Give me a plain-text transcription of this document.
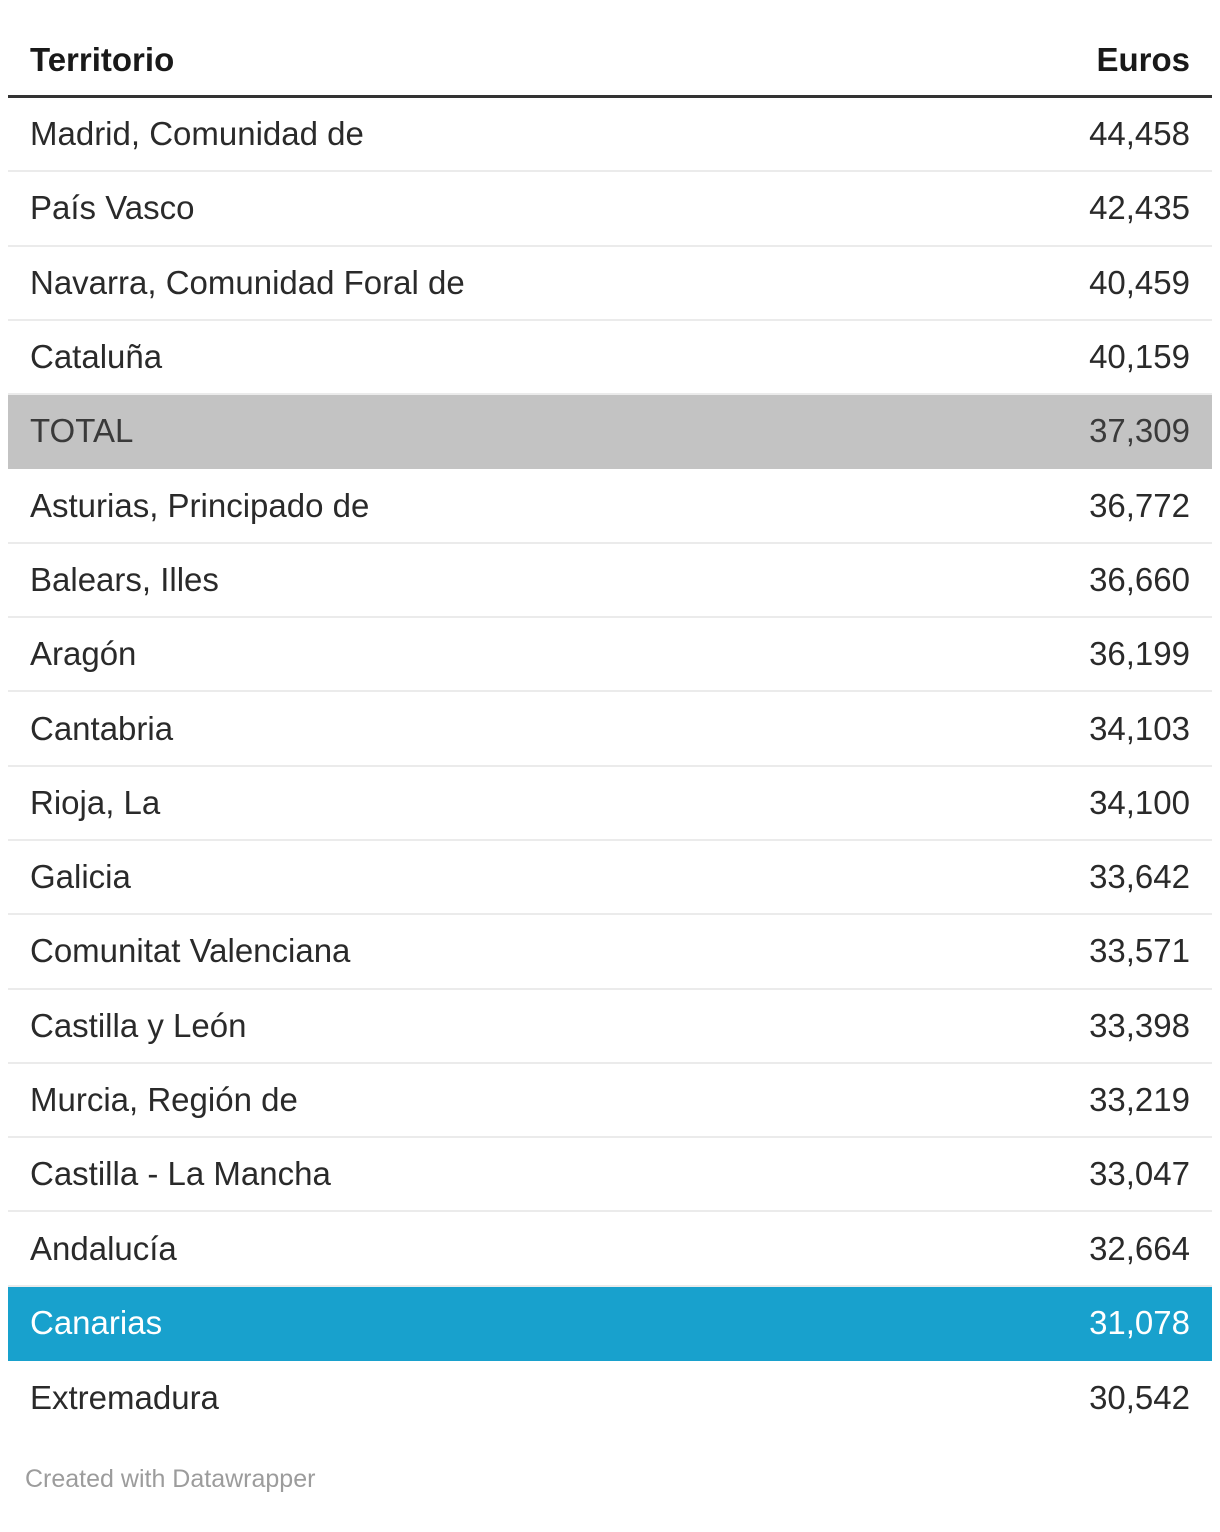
Territorio	Euros
Madrid, Comunidad de	44,458
País Vasco	42,435
Navarra, Comunidad Foral de	40,459
Cataluña	40,159
TOTAL	37,309
Asturias, Principado de	36,772
Balears, Illes	36,660
Aragón	36,199
Cantabria	34,103
Rioja, La	34,100
Galicia	33,642
Comunitat Valenciana	33,571
Castilla y León	33,398
Murcia, Región de	33,219
Castilla - La Mancha	33,047
Andalucía	32,664
Canarias	31,078
Extremadura	30,542
Created with Datawrapper
